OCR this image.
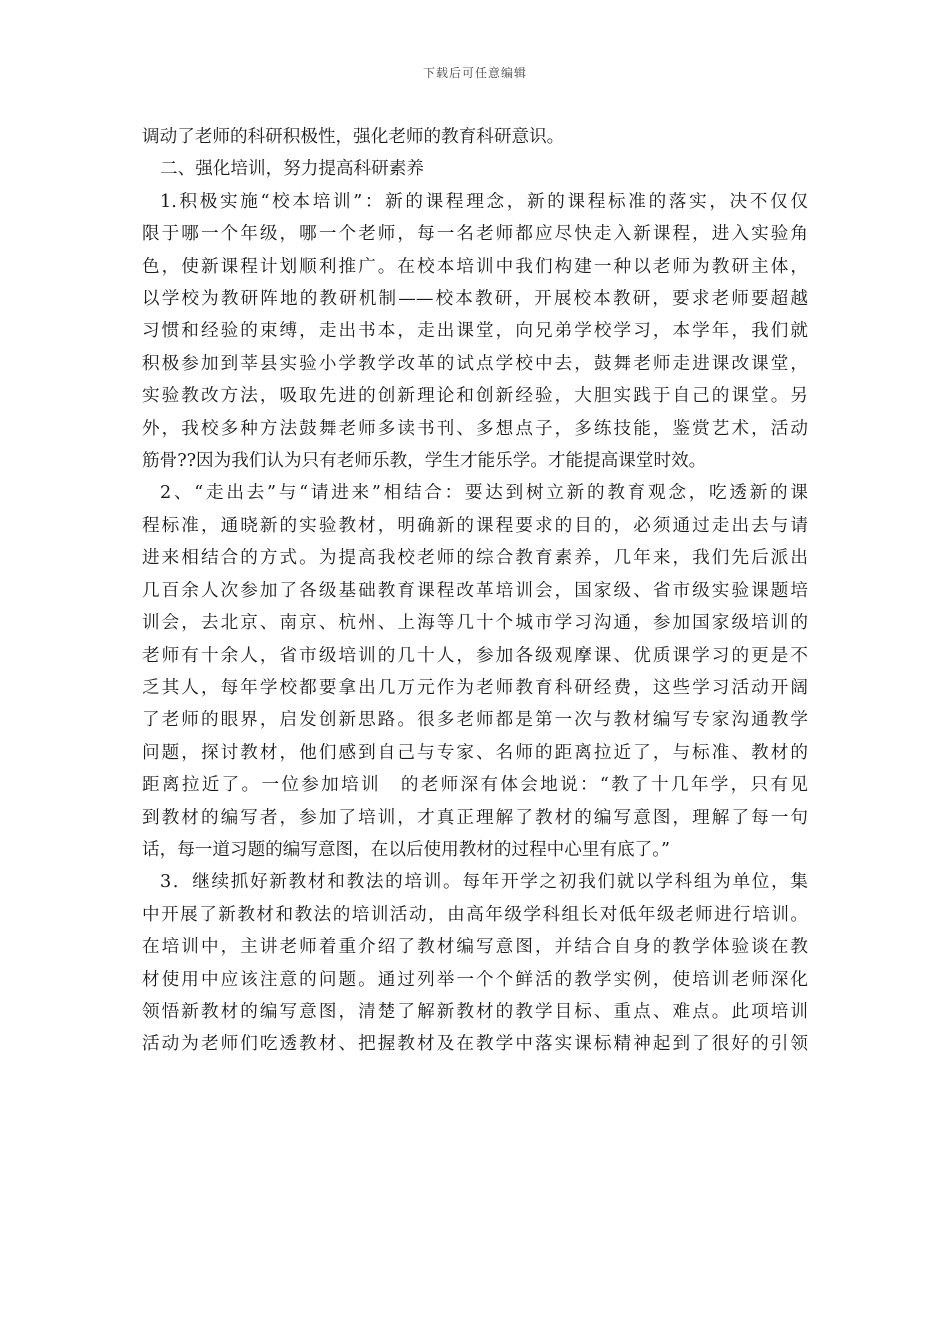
下载后可任意编辑
调动了老师的科研积极性，强化老师的教育科研意识。
二、强化培训，努力提高科研素养
1.积极实施“校本培训”：新的课程理念，新的课程标准的落实，决不仅仅
限于哪一个年级，哪一个老师，每一名老师都应尽快走入新课程，进入实验角
色，使新课程计划顺利推广。在校本培训中我们构建一种以老师为教研主体，
以学校为教研阵地的教研机制——校本教研，开展校本教研，要求老师要超越
习惯和经验的束缚，走出书本，走出课堂，向兄弟学校学习，本学年，我们就
积极参加到莘县实验小学教学改革的试点学校中去，鼓舞老师走进课改课堂，
实验教改方法，吸取先进的创新理论和创新经验，大胆实践于自己的课堂。另
外，我校多种方法鼓舞老师多读书刊、多想点子，多练技能，鉴赏艺术，活动
筋骨??因为我们认为只有老师乐教，学生才能乐学。才能提高课堂时效。
2、“走出去”与“请进来”相结合：要达到树立新的教育观念，吃透新的课
程标准，通晓新的实验教材，明确新的课程要求的目的，必须通过走出去与请
进来相结合的方式。为提高我校老师的综合教育素养，几年来，我们先后派出
几百余人次参加了各级基础教育课程改革培训会，国家级、省市级实验课题培
训会，去北京、南京、杭州、上海等几十个城市学习沟通，参加国家级培训的
老师有十余人，省市级培训的几十人，参加各级观摩课、优质课学习的更是不
乏其人，每年学校都要拿出几万元作为老师教育科研经费，这些学习活动开阔
了老师的眼界，启发创新思路。很多老师都是第一次与教材编写专家沟通教学
问题，探讨教材，他们感到自己与专家、名师的距离拉近了，与标准、教材的
距离拉近了。一位参加培训　的老师深有体会地说：“教了十几年学，只有见
到教材的编写者，参加了培训，才真正理解了教材的编写意图，理解了每一句
话，每一道习题的编写意图，在以后使用教材的过程中心里有底了。”
3．继续抓好新教材和教法的培训。每年开学之初我们就以学科组为单位，集
中开展了新教材和教法的培训活动，由高年级学科组长对低年级老师进行培训。
在培训中，主讲老师着重介绍了教材编写意图，并结合自身的教学体验谈在教
材使用中应该注意的问题。通过列举一个个鲜活的教学实例，使培训老师深化
领悟新教材的编写意图，清楚了解新教材的教学目标、重点、难点。此项培训
活动为老师们吃透教材、把握教材及在教学中落实课标精神起到了很好的引领
